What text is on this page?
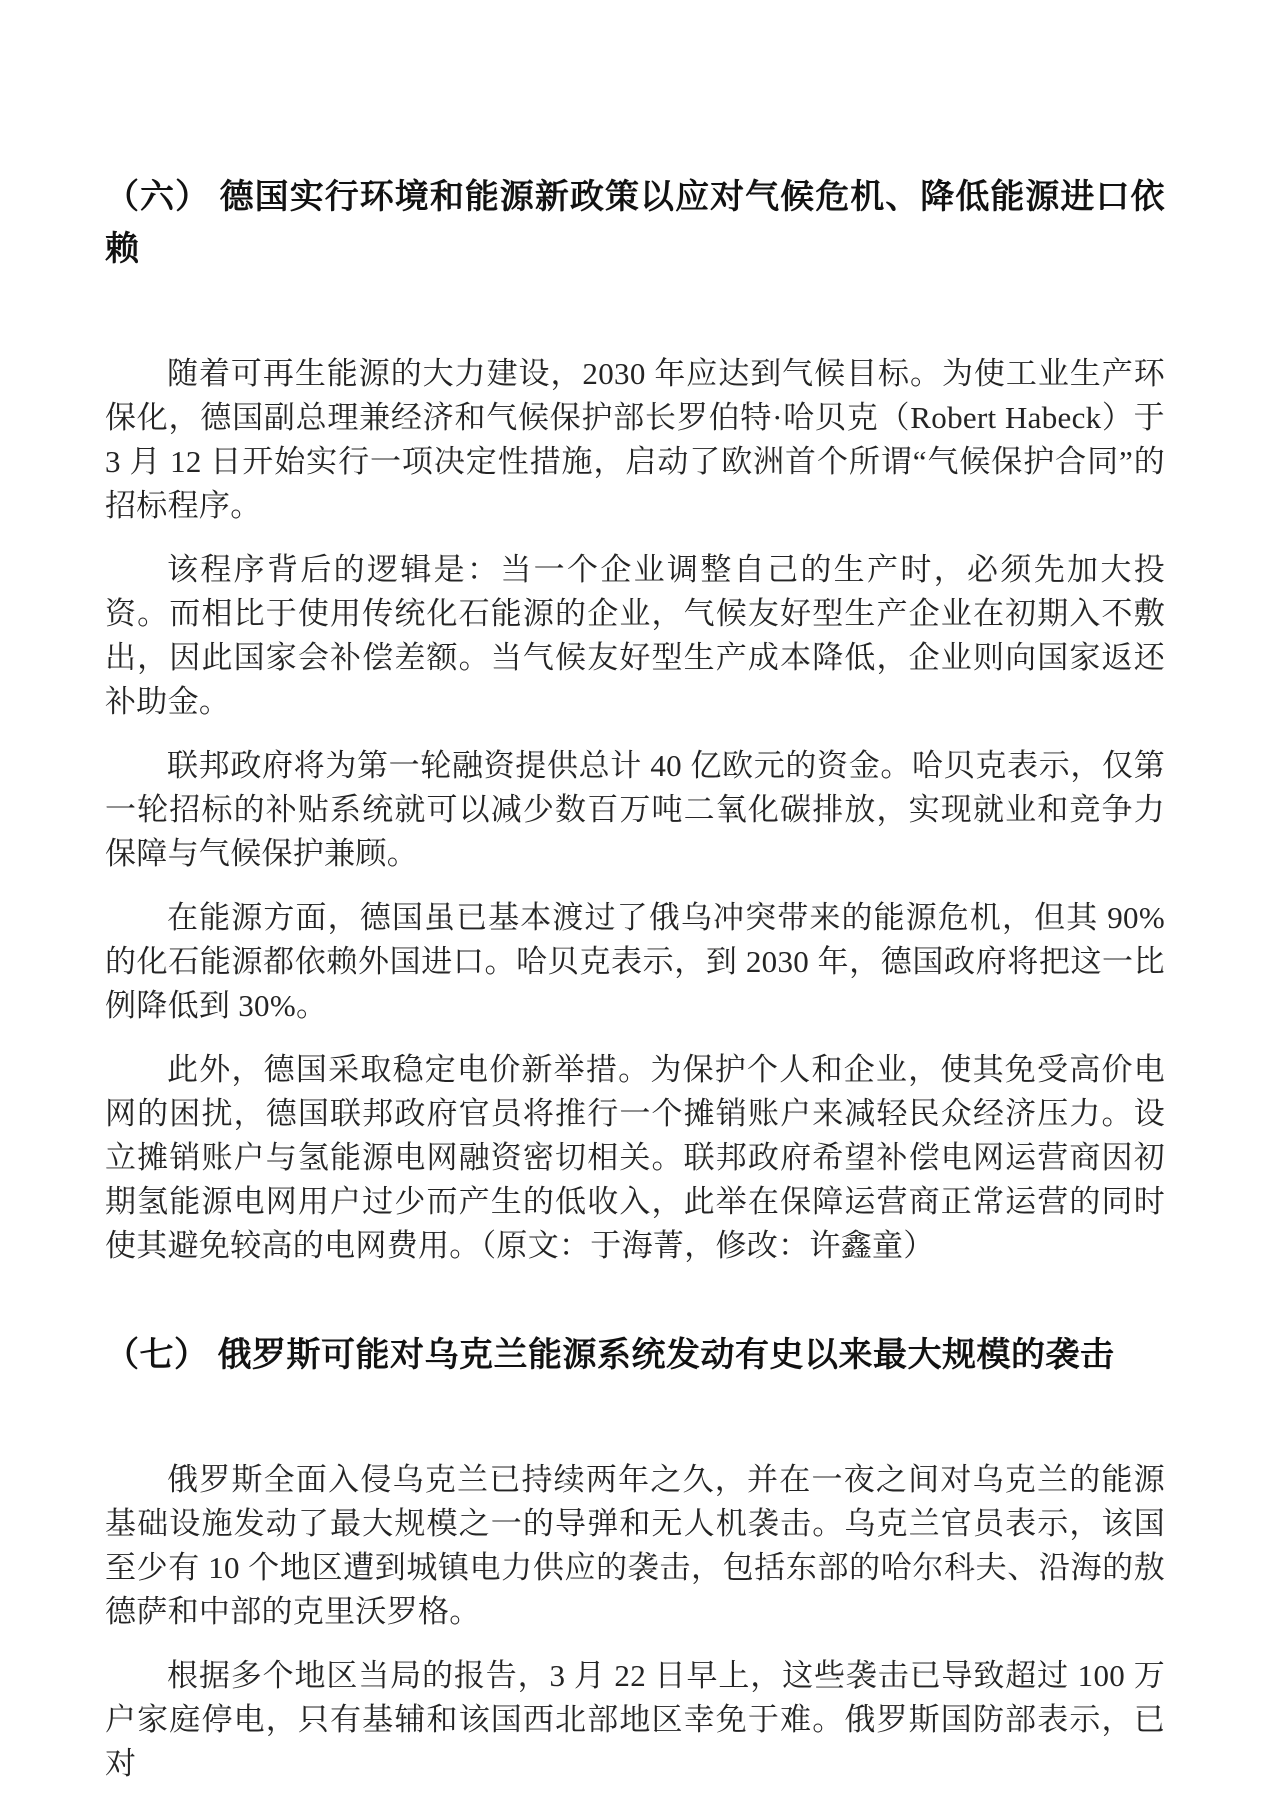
（六） 德国实行环境和能源新政策以应对气候危机、降低能源进口依赖

随着可再生能源的大力建设，2030 年应达到气候目标。为使工业生产环保化，德国副总理兼经济和气候保护部长罗伯特·哈贝克（Robert Habeck）于 3 月 12 日开始实行一项决定性措施，启动了欧洲首个所谓“气候保护合同”的招标程序。

该程序背后的逻辑是：当一个企业调整自己的生产时，必须先加大投资。而相比于使用传统化石能源的企业，气候友好型生产企业在初期入不敷出，因此国家会补偿差额。当气候友好型生产成本降低，企业则向国家返还补助金。

联邦政府将为第一轮融资提供总计 40 亿欧元的资金。哈贝克表示，仅第一轮招标的补贴系统就可以减少数百万吨二氧化碳排放，实现就业和竞争力保障与气候保护兼顾。

在能源方面，德国虽已基本渡过了俄乌冲突带来的能源危机，但其 90% 的化石能源都依赖外国进口。哈贝克表示，到 2030 年，德国政府将把这一比例降低到 30%。

此外，德国采取稳定电价新举措。为保护个人和企业，使其免受高价电网的困扰，德国联邦政府官员将推行一个摊销账户来减轻民众经济压力。设立摊销账户与氢能源电网融资密切相关。联邦政府希望补偿电网运营商因初期氢能源电网用户过少而产生的低收入，此举在保障运营商正常运营的同时使其避免较高的电网费用。（原文：于海菁，修改：许鑫童）

（七） 俄罗斯可能对乌克兰能源系统发动有史以来最大规模的袭击

俄罗斯全面入侵乌克兰已持续两年之久，并在一夜之间对乌克兰的能源基础设施发动了最大规模之一的导弹和无人机袭击。乌克兰官员表示，该国至少有 10 个地区遭到城镇电力供应的袭击，包括东部的哈尔科夫、沿海的敖德萨和中部的克里沃罗格。

根据多个地区当局的报告，3 月 22 日早上，这些袭击已导致超过 100 万户家庭停电，只有基辅和该国西北部地区幸免于难。俄罗斯国防部表示，已对
